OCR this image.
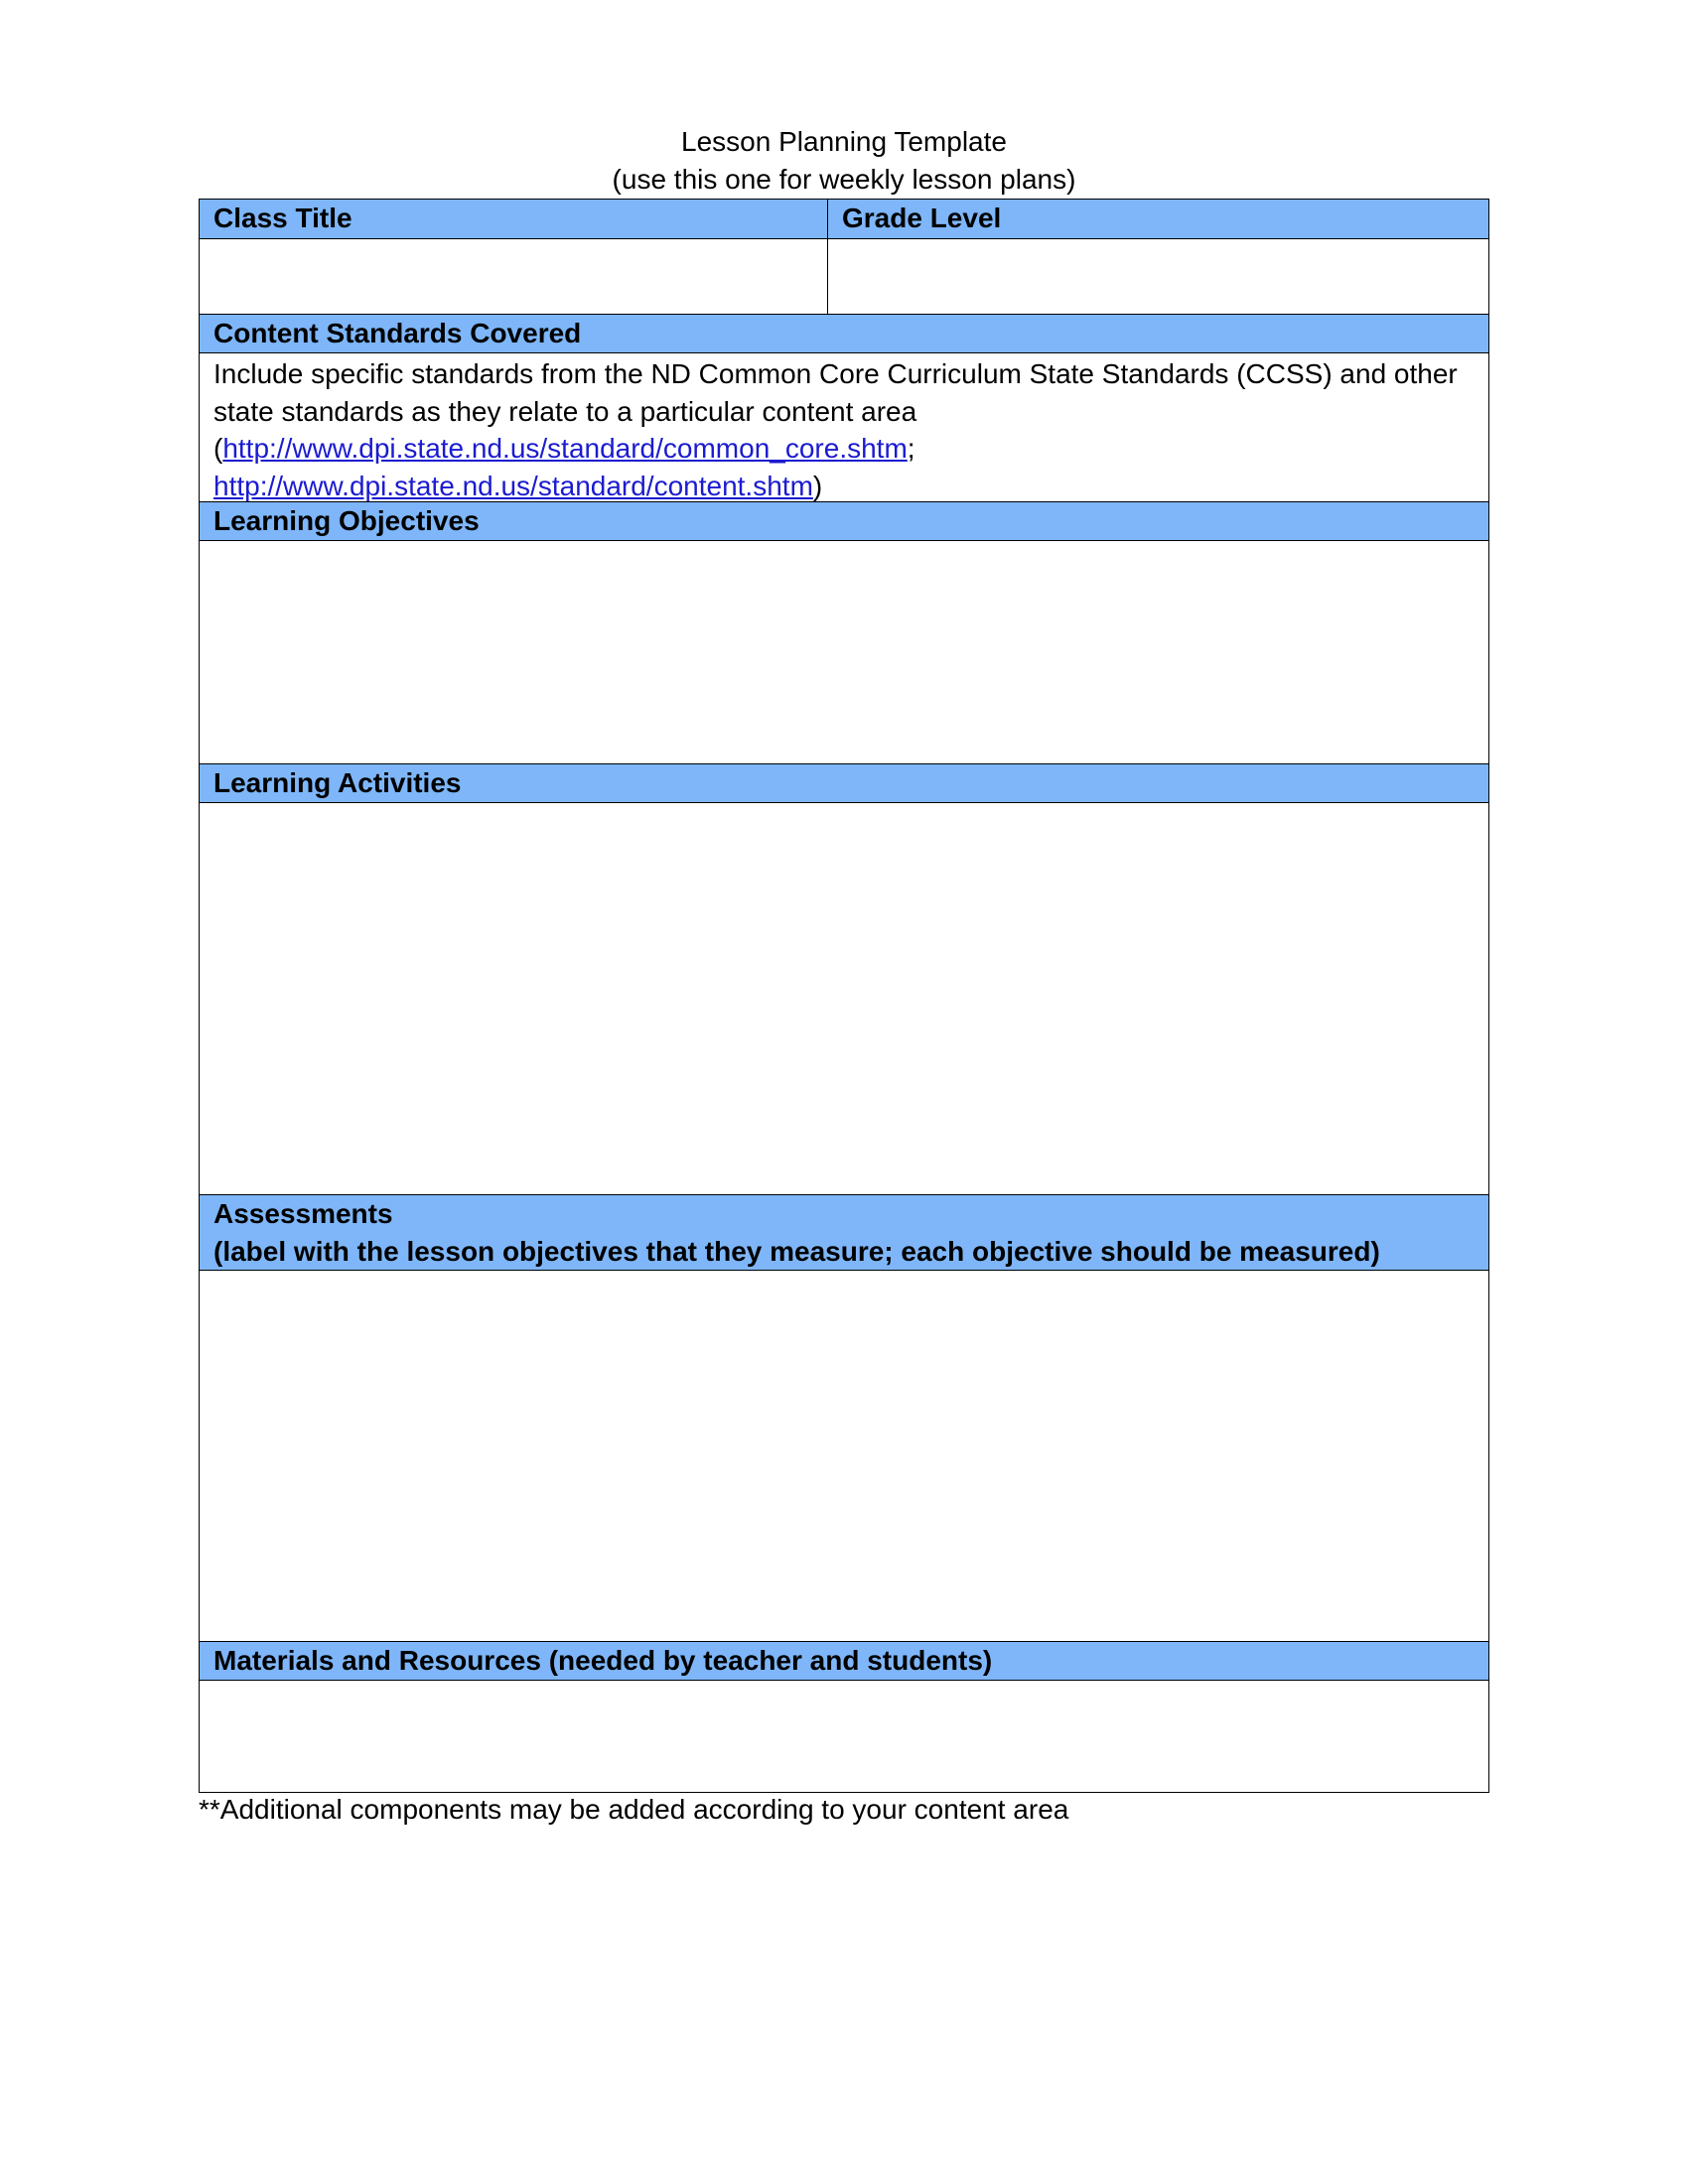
Lesson Planning Template
(use this one for weekly lesson plans)
Class Title	Grade Level
Content Standards Covered
Include specific standards from the ND Common Core Curriculum State Standards (CCSS) and other state standards as they relate to a particular content area
(http://www.dpi.state.nd.us/standard/common_core.shtm;
http://www.dpi.state.nd.us/standard/content.shtm)
Learning Objectives
Learning Activities
Assessments
(label with the lesson objectives that they measure; each objective should be measured)
Materials and Resources (needed by teacher and students)
**Additional components may be added according to your content area
